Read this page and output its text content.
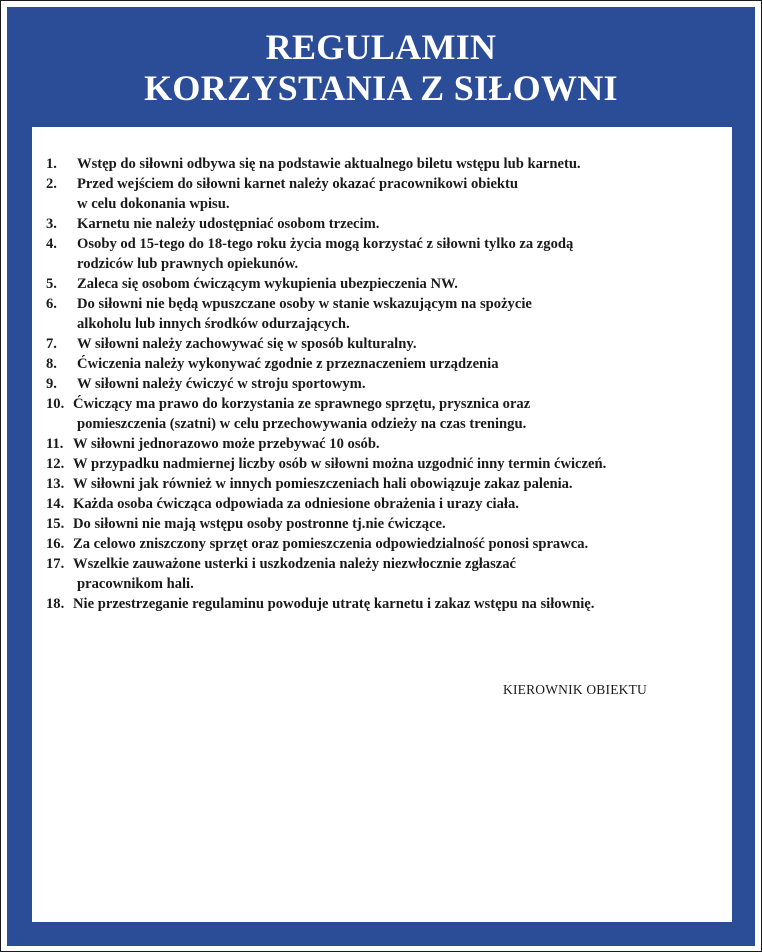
REGULAMIN
KORZYSTANIA Z SIŁOWNI
1. Wstęp do siłowni odbywa się na podstawie aktualnego biletu wstępu lub karnetu.
2. Przed wejściem do siłowni karnet należy okazać pracownikowi obiektu
w celu dokonania wpisu.
3. Karnetu nie należy udostępniać osobom trzecim.
4. Osoby od 15-tego do 18-tego roku życia mogą korzystać z siłowni tylko za zgodą
rodziców lub prawnych opiekunów.
5. Zaleca się osobom ćwiczącym wykupienia ubezpieczenia NW.
6. Do siłowni nie będą wpuszczane osoby w stanie wskazującym na spożycie
alkoholu lub innych środków odurzających.
7. W siłowni należy zachowywać się w sposób kulturalny.
8. Ćwiczenia należy wykonywać zgodnie z przeznaczeniem urządzenia
9. W siłowni należy ćwiczyć w stroju sportowym.
10. Ćwiczący ma prawo do korzystania ze sprawnego sprzętu, prysznica oraz
pomieszczenia (szatni) w celu przechowywania odzieży na czas treningu.
11. W siłowni jednorazowo może przebywać 10 osób.
12. W przypadku nadmiernej liczby osób w siłowni można uzgodnić inny termin ćwiczeń.
13. W siłowni jak również w innych pomieszczeniach hali obowiązuje zakaz palenia.
14. Każda osoba ćwicząca odpowiada za odniesione obrażenia i urazy ciała.
15. Do siłowni nie mają wstępu osoby postronne tj.nie ćwiczące.
16. Za celowo zniszczony sprzęt oraz pomieszczenia odpowiedzialność ponosi sprawca.
17. Wszelkie zauważone usterki i uszkodzenia należy niezwłocznie zgłaszać
pracownikom hali.
18. Nie przestrzeganie regulaminu powoduje utratę karnetu i zakaz wstępu na siłownię.
KIEROWNIK OBIEKTU
